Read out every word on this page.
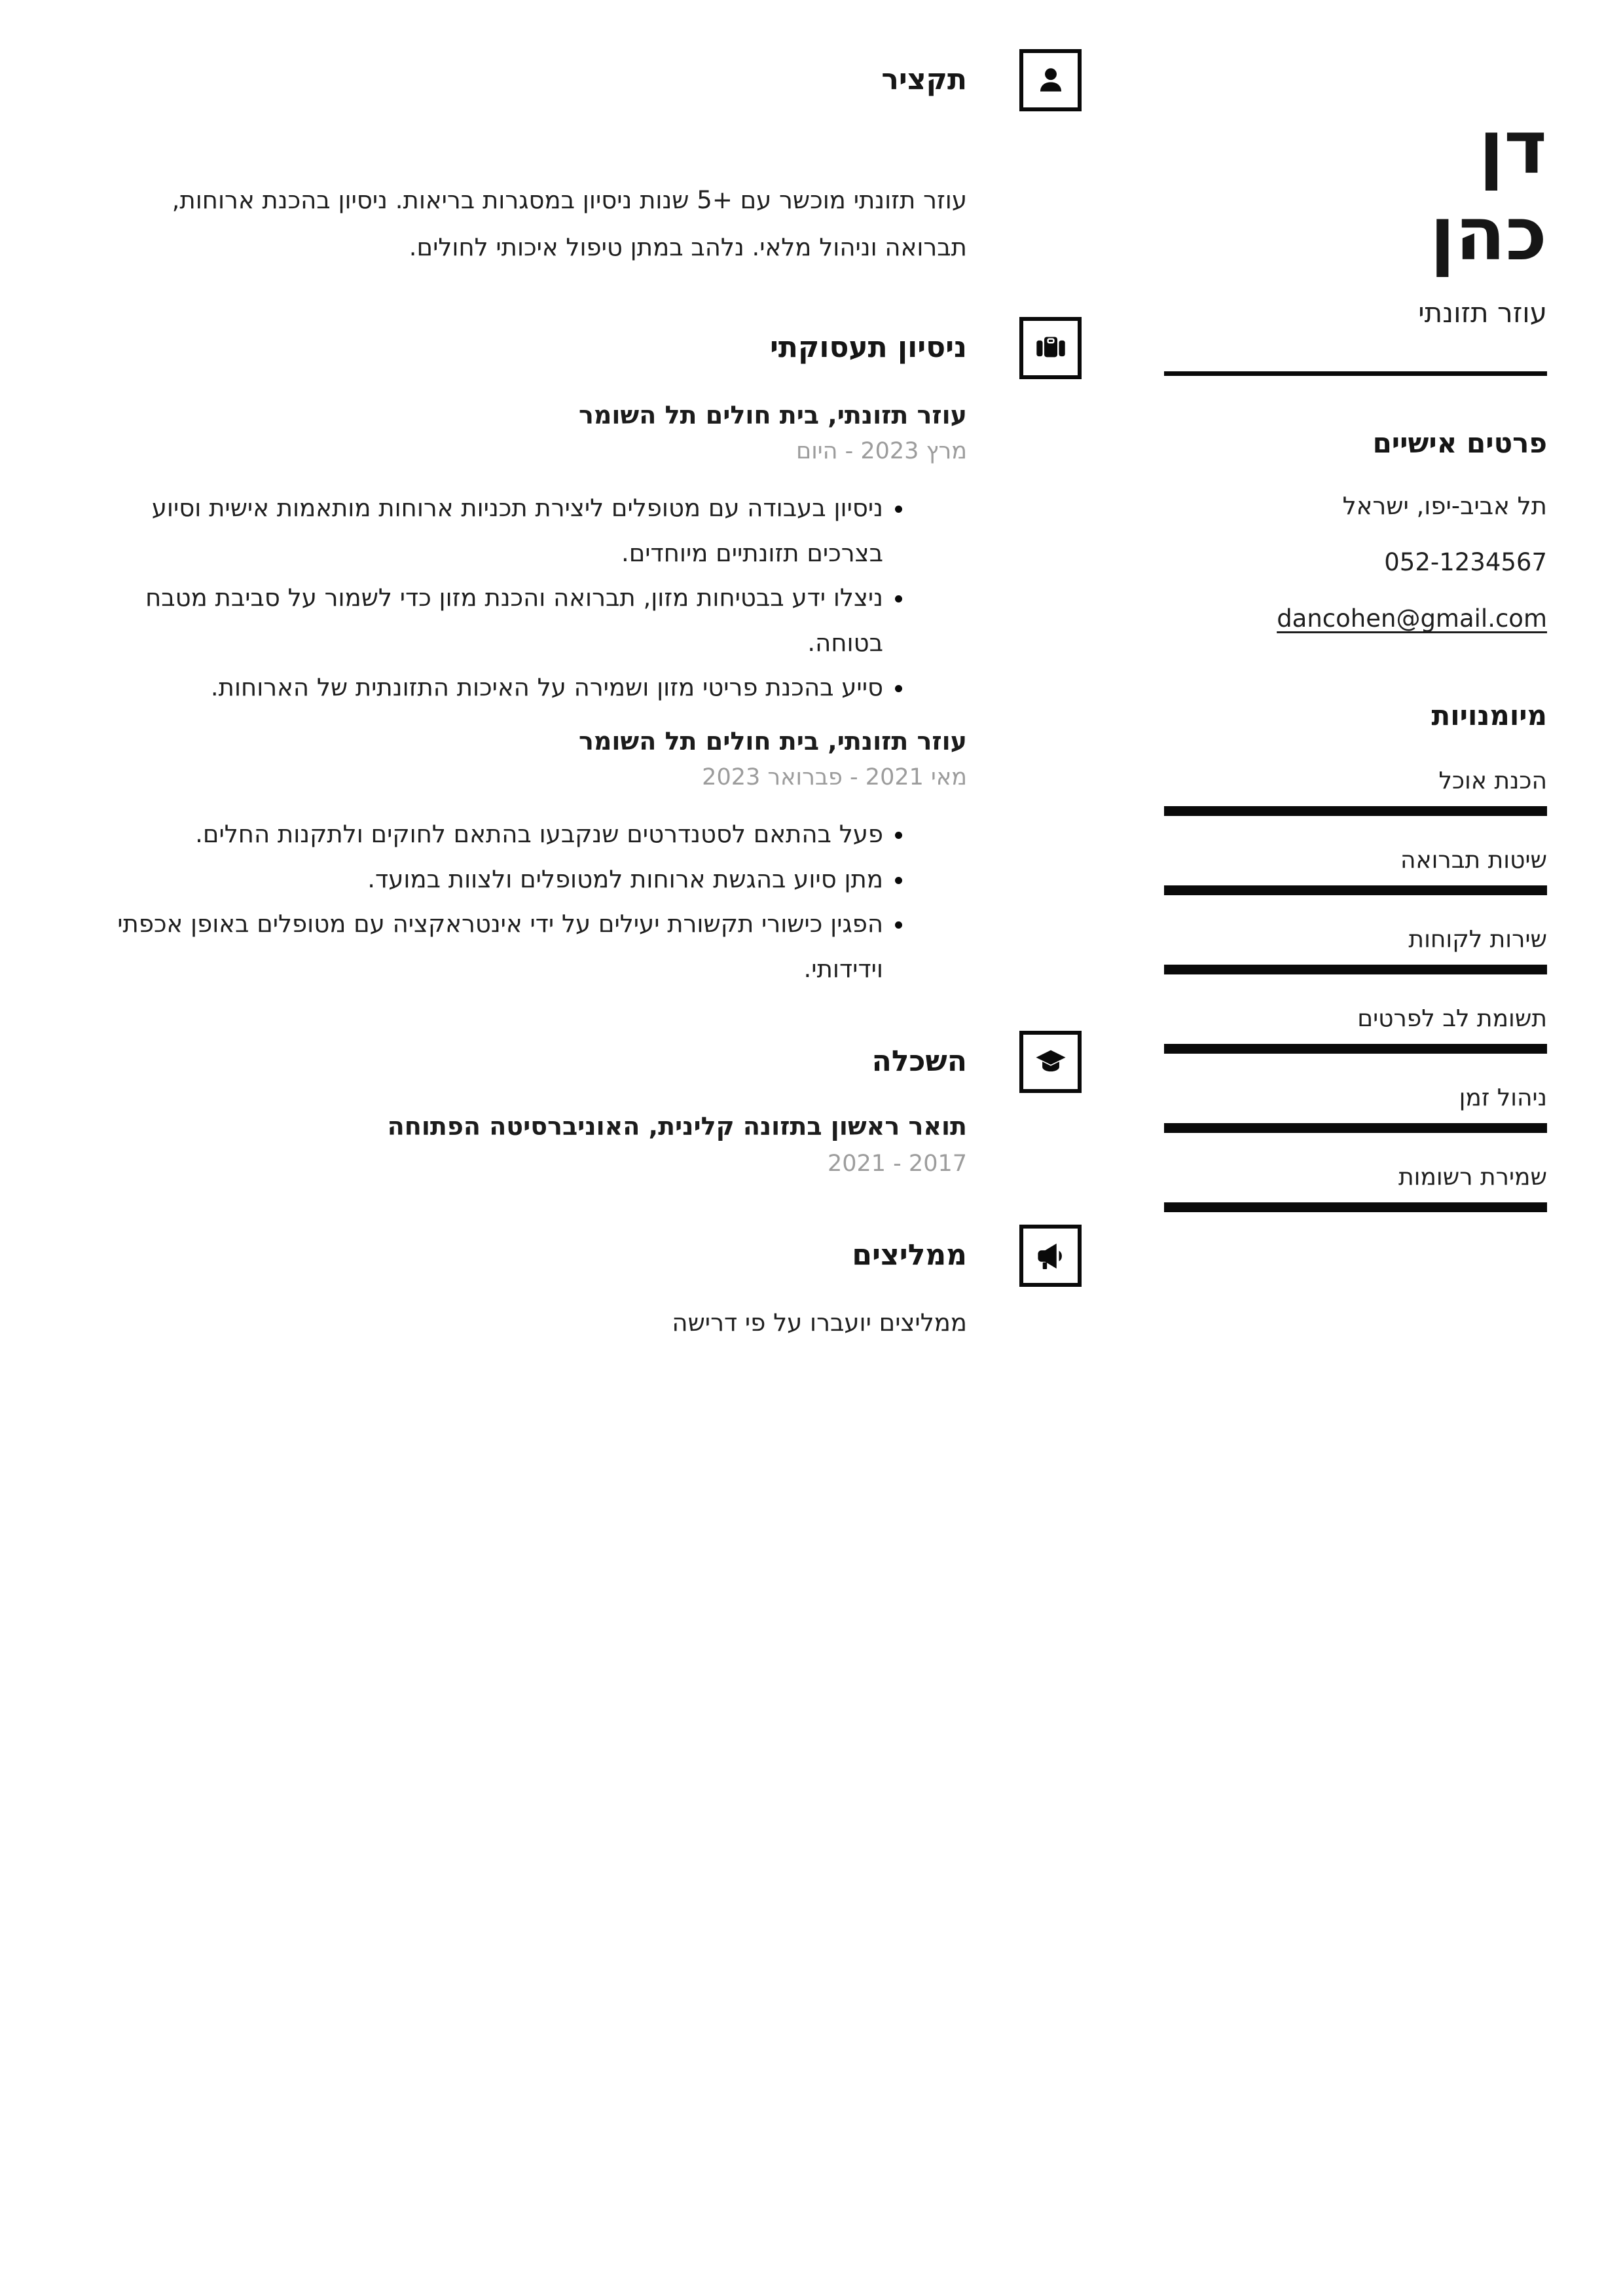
דן
כהן

עוזר תזונתי

פרטים אישיים
תל אביב-יפו, ישראל
052-1234567
dancohen@gmail.com
מיומנויות
הכנת אוכל
שיטות תברואה
שירות לקוחות
תשומת לב לפרטים
ניהול זמן
שמירת רשומות
תקציר

עוזר תזונתי מוכשר עם +5 שנות ניסיון במסגרות בריאות. ניסיון בהכנת ארוחות, תברואה וניהול מלאי. נלהב במתן טיפול איכותי לחולים.

ניסיון תעסוקתי
עוזר תזונתי, בית חולים תל השומר

מרץ 2023 - היום

• ניסיון בעבודה עם מטופלים ליצירת תכניות ארוחות מותאמות אישית וסיוע בצרכים תזונתיים מיוחדים.
• ניצלו ידע בבטיחות מזון, תברואה והכנת מזון כדי לשמור על סביבת מטבח בטוחה.
• סייע בהכנת פריטי מזון ושמירה על האיכות התזונתית של הארוחות.
עוזר תזונתי, בית חולים תל השומר

מאי 2021 - פברואר 2023

• פעל בהתאם לסטנדרטים שנקבעו בהתאם לחוקים ולתקנות החלים.
• מתן סיוע בהגשת ארוחות למטופלים ולצוות במועד.
• הפגין כישורי תקשורת יעילים על ידי אינטראקציה עם מטופלים באופן אכפתי וידידותי.
השכלה
תואר ראשון בתזונה קלינית, האוניברסיטה הפתוחה

2017 - 2021

ממליצים

ממליצים יועברו על פי דרישה
